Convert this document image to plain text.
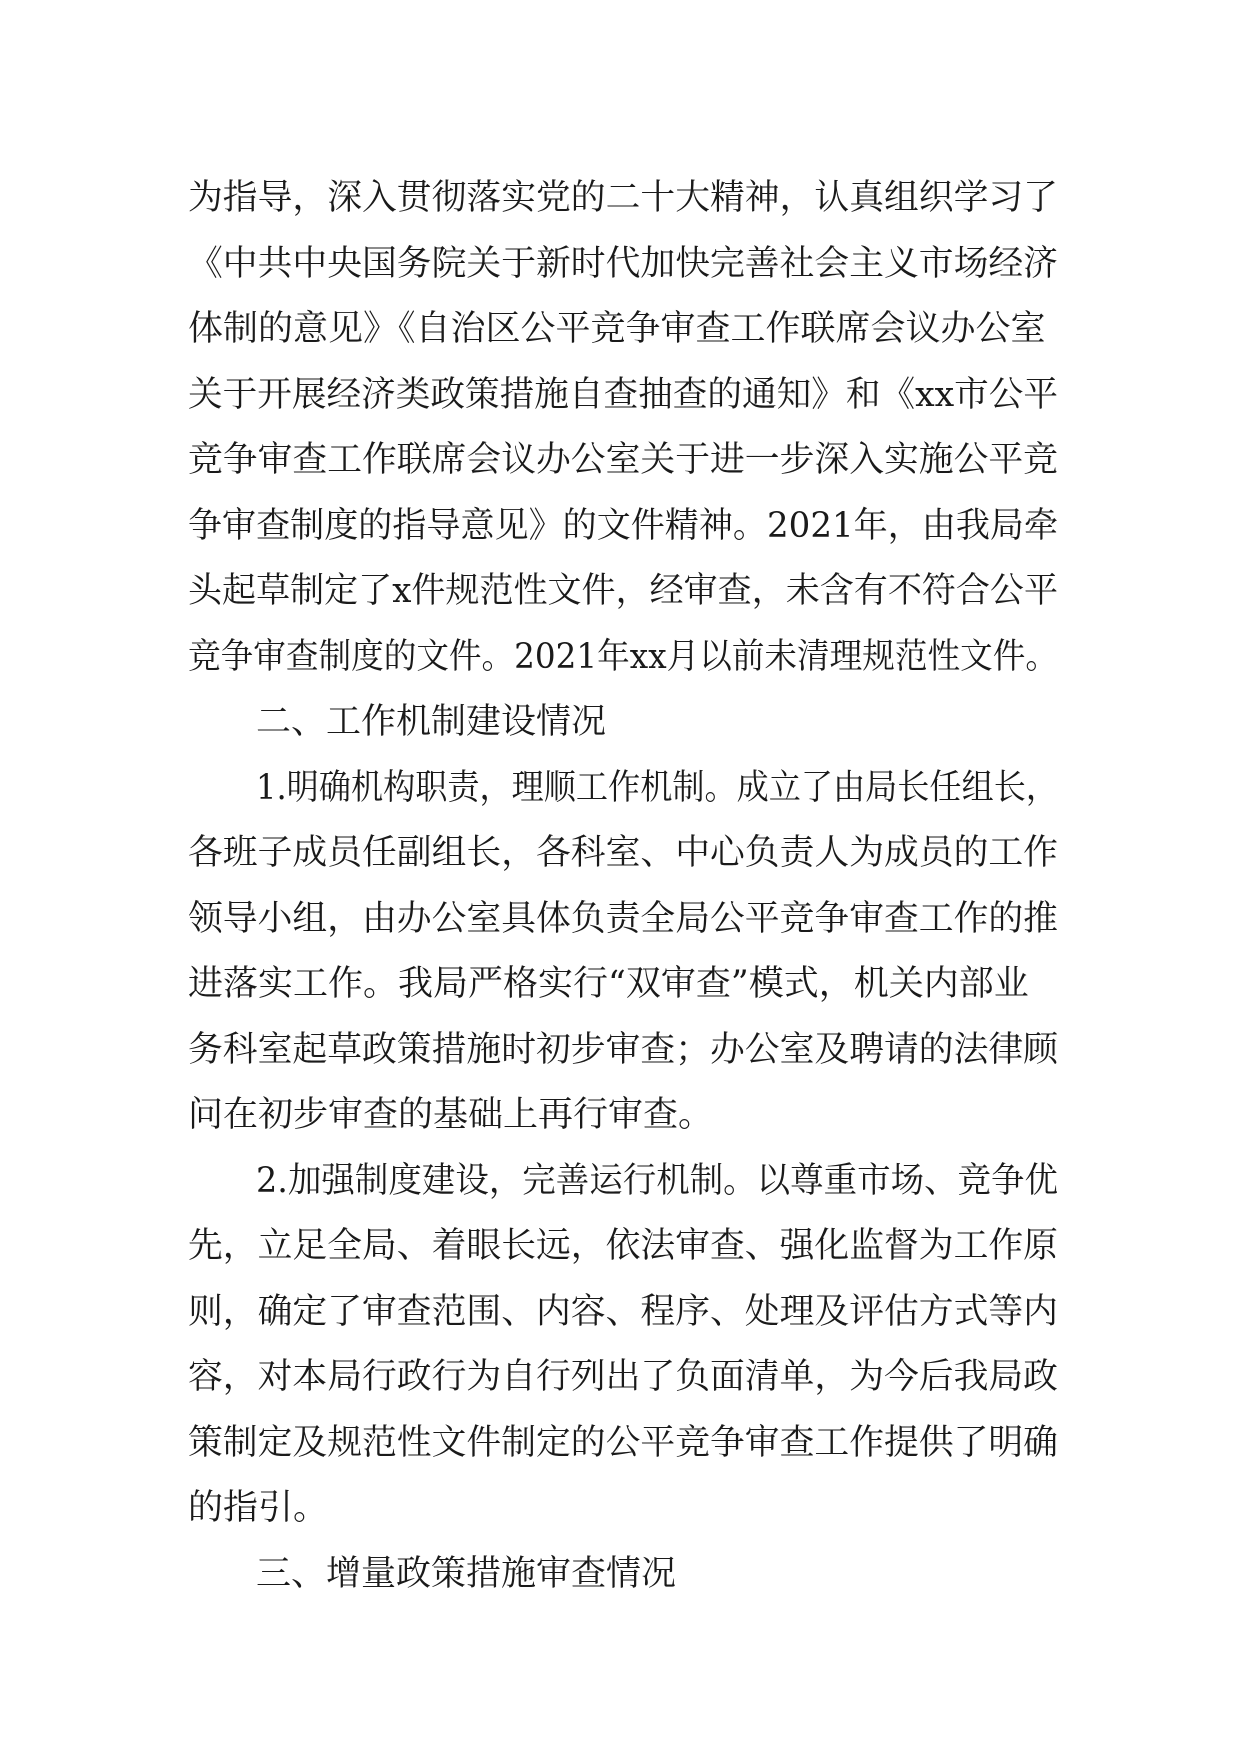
为指导，深入贯彻落实党的二十大精神，认真组织学习了
《中共中央国务院关于新时代加快完善社会主义市场经济
体制的意见》《自治区公平竞争审查工作联席会议办公室
关于开展经济类政策措施自查抽查的通知》和《xx市公平
竞争审查工作联席会议办公室关于进一步深入实施公平竞
争审查制度的指导意见》的文件精神。2021年，由我局牵
头起草制定了x件规范性文件，经审查，未含有不符合公平
竞争审查制度的文件。2021年xx月以前未清理规范性文件。
二、工作机制建设情况
1.明确机构职责，理顺工作机制。成立了由局长任组长，
各班子成员任副组长，各科室、中心负责人为成员的工作
领导小组，由办公室具体负责全局公平竞争审查工作的推
进落实工作。我局严格实行“双审查”模式，机关内部业
务科室起草政策措施时初步审查；办公室及聘请的法律顾
问在初步审查的基础上再行审查。
2.加强制度建设，完善运行机制。以尊重市场、竞争优
先，立足全局、着眼长远，依法审查、强化监督为工作原
则，确定了审查范围、内容、程序、处理及评估方式等内
容，对本局行政行为自行列出了负面清单，为今后我局政
策制定及规范性文件制定的公平竞争审查工作提供了明确
的指引。
三、增量政策措施审查情况
